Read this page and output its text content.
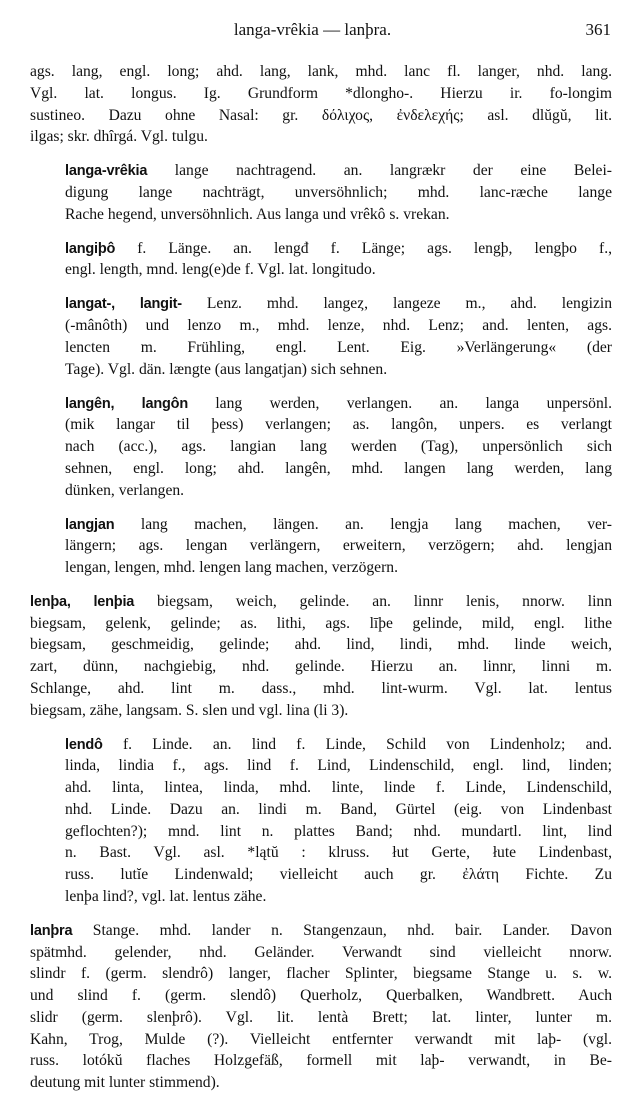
langa-vrêkia — lanþra.	361
ags. lang, engl. long; ahd. lang, lank, mhd. lanc fl. langer, nhd. lang.
Vgl. lat. longus. Ig. Grundform *dlongho-. Hierzu ir. fo-longim
sustineo. Dazu ohne Nasal: gr. δόλιχος, ἐνδελεχής; asl. dlŭgŭ, lit.
ilgas; skr. dhîrgá. Vgl. tulgu.
langa-vrêkia lange nachtragend. an. langrækr der eine Belei-
digung lange nachträgt, unversöhnlich; mhd. lanc-ræche lange
Rache hegend, unversöhnlich. Aus langa und vrêkô s. vrekan.
langiþô f. Länge. an. lengđ f. Länge; ags. lengþ, lengþo f.,
engl. length, mnd. leng(e)de f. Vgl. lat. longitudo.
langat-, langit- Lenz. mhd. langeȥ, langeze m., ahd. lengizin
(-mânôth) und lenzo m., mhd. lenze, nhd. Lenz; and. lenten, ags.
lencten m. Frühling, engl. Lent. Eig. »Verlängerung« (der
Tage). Vgl. dän. længte (aus langatjan) sich sehnen.
langên, langôn lang werden, verlangen. an. langa unpersönl.
(mik langar til þess) verlangen; as. langôn, unpers. es verlangt
nach (acc.), ags. langian lang werden (Tag), unpersönlich sich
sehnen, engl. long; ahd. langên, mhd. langen lang werden, lang
dünken, verlangen.
langjan lang machen, längen. an. lengja lang machen, ver-
längern; ags. lengan verlängern, erweitern, verzögern; ahd. lengjan
lengan, lengen, mhd. lengen lang machen, verzögern.
lenþa, lenþia biegsam, weich, gelinde. an. linnr lenis, nnorw. linn
biegsam, gelenk, gelinde; as. lithi, ags. līþe gelinde, mild, engl. lithe
biegsam, geschmeidig, gelinde; ahd. lind, lindi, mhd. linde weich,
zart, dünn, nachgiebig, nhd. gelinde. Hierzu an. linnr, linni m.
Schlange, ahd. lint m. dass., mhd. lint-wurm. Vgl. lat. lentus
biegsam, zähe, langsam. S. slen und vgl. lina (li 3).
lendô f. Linde. an. lind f. Linde, Schild von Lindenholz; and.
linda, lindia f., ags. lind f. Lind, Lindenschild, engl. lind, linden;
ahd. linta, lintea, linda, mhd. linte, linde f. Linde, Lindenschild,
nhd. Linde. Dazu an. lindi m. Band, Gürtel (eig. von Lindenbast
geflochten?); mnd. lint n. plattes Band; nhd. mundartl. lint, lind
n. Bast. Vgl. asl. *lątŭ : klruss. łut Gerte, łute Lindenbast,
russ. lutĭe Lindenwald; vielleicht auch gr. ἐλάτη Fichte. Zu
lenþa lind?, vgl. lat. lentus zähe.
lanþra Stange. mhd. lander n. Stangenzaun, nhd. bair. Lander. Davon
spätmhd. gelender, nhd. Geländer. Verwandt sind vielleicht nnorw.
slindr f. (germ. slendrô) langer, flacher Splinter, biegsame Stange u. s. w.
und slind f. (germ. slendô) Querholz, Querbalken, Wandbrett. Auch
slidr (germ. slenþrô). Vgl. lit. lentà Brett; lat. linter, lunter m.
Kahn, Trog, Mulde (?). Vielleicht entfernter verwandt mit laþ- (vgl.
russ. lotókŭ flaches Holzgefäß, formell mit laþ- verwandt, in Be-
deutung mit lunter stimmend).
